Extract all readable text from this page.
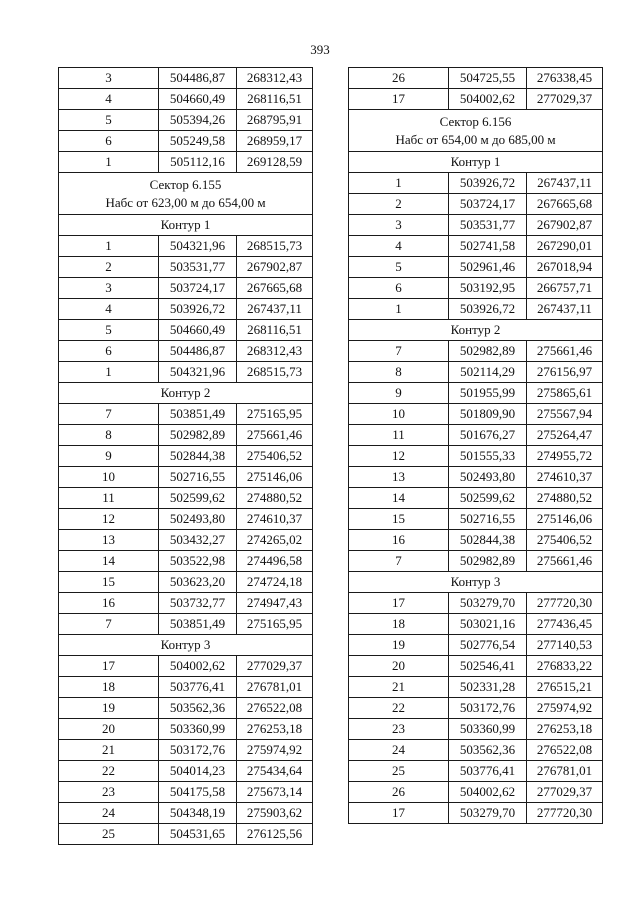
393
3	504486,87	268312,43
4	504660,49	268116,51
5	505394,26	268795,91
6	505249,58	268959,17
1	505112,16	269128,59

Сектор 6.155
Набс от 623,00 м до 654,00 м		

Контур 1		
1	504321,96	268515,73
2	503531,77	267902,87
3	503724,17	267665,68
4	503926,72	267437,11
5	504660,49	268116,51
6	504486,87	268312,43
1	504321,96	268515,73
Контур 2		
7	503851,49	275165,95
8	502982,89	275661,46
9	502844,38	275406,52
10	502716,55	275146,06
11	502599,62	274880,52
12	502493,80	274610,37
13	503432,27	274265,02
14	503522,98	274496,58
15	503623,20	274724,18
16	503732,77	274947,43
7	503851,49	275165,95
Контур 3		
17	504002,62	277029,37
18	503776,41	276781,01
19	503562,36	276522,08
20	503360,99	276253,18
21	503172,76	275974,92
22	504014,23	275434,64
23	504175,58	275673,14
24	504348,19	275903,62
25	504531,65	276125,56
26	504725,55	276338,45
17	504002,62	277029,37

Сектор 6.156
Набс от 654,00 м до 685,00 м		

Контур 1		
1	503926,72	267437,11
2	503724,17	267665,68
3	503531,77	267902,87
4	502741,58	267290,01
5	502961,46	267018,94
6	503192,95	266757,71
1	503926,72	267437,11
Контур 2		
7	502982,89	275661,46
8	502114,29	276156,97
9	501955,99	275865,61
10	501809,90	275567,94
11	501676,27	275264,47
12	501555,33	274955,72
13	502493,80	274610,37
14	502599,62	274880,52
15	502716,55	275146,06
16	502844,38	275406,52
7	502982,89	275661,46
Контур 3		
17	503279,70	277720,30
18	503021,16	277436,45
19	502776,54	277140,53
20	502546,41	276833,22
21	502331,28	276515,21
22	503172,76	275974,92
23	503360,99	276253,18
24	503562,36	276522,08
25	503776,41	276781,01
26	504002,62	277029,37
17	503279,70	277720,30
